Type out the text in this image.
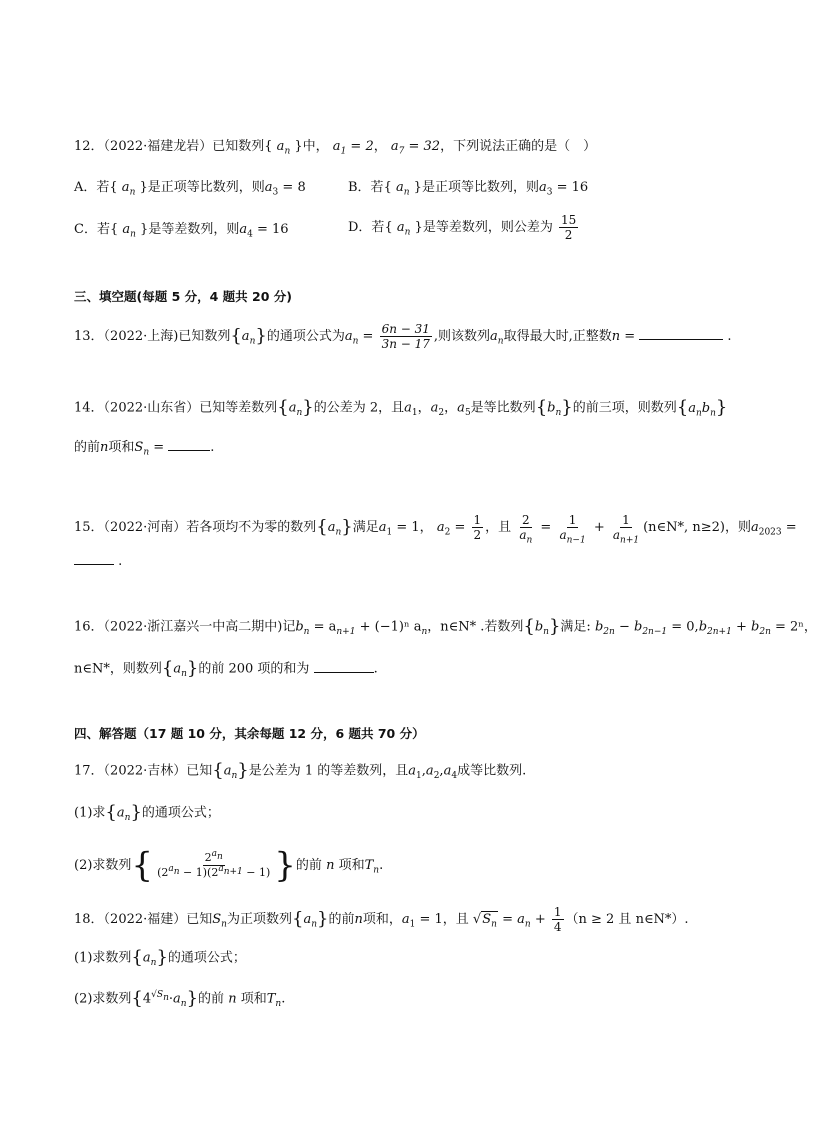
12．（2022·福建龙岩）已知数列{ $a_n$ }中， $a_1 = 2$， $a_7 = 32$，下列说法正确的是（　）
A．若{ $a_n$ }是正项等比数列，则$a_3 = 8$	B．若{ $a_n$ }是正项等比数列，则$a_3 = 16$
C．若{ $a_n$ }是等差数列，则$a_4 = 16$	D．若{ $a_n$ }是等差数列，则公差为 $\frac{15}{2}$
三、填空题(每题 5 分，4 题共 20 分)
13．（2022·上海)已知数列$\{a_n\}$的通项公式为$a_n = \frac{6n - 31}{3n - 17}$ ,则该数列$a_n$取得最大时,正整数n =	.
14．（2022·山东省）已知等差数列$\{a_n\}$的公差为 2，且$a_1$，$a_2$，$a_5$是等比数列$\{b_n\}$的前三项，则数列$\{a_nb_n\}$
的前n项和$S_n$ =	.
15．（2022·河南）若各项均不为零的数列$\{a_n\}$满足$a_1 = 1$， $a_2 = \frac{1}{2}$ ，且 $\frac{2}{a_n} = \frac{1}{a_{n-1}} + \frac{1}{a_{n+1}}$ (n∈N*, n≥2)，则$a_{2023}$ =
.
16．（2022·浙江嘉兴一中高二期中)记$b_n = a_{n+1} + (-1)^n$ $a_n$，n∈N* .若数列$\{b_n\}$满足: $b_{2n} - b_{2n-1} = 0,b_{2n+1} + b_{2n} = 2^n$，
n∈N*，则数列$\{a_n\}$的前 200 项的和为	.
四、解答题（17 题 10 分，其余每题 12 分，6 题共 70 分）
17．（2022·吉林）已知$\{a_n\}$是公差为 1 的等差数列，且$a_1,a_2,a_4$成等比数列.
(1)求$\{a_n\}$的通项公式；
(2)求数列{ $\frac{2^{a_n}}{(2^{a_n} - 1)(2^{a_{n+1}} - 1)}$ }的前 n 项和$T_n$.
18．（2022·福建）已知$S_n$为正项数列$\{a_n\}$的前n项和，$a_1 = 1$，且 $√S_n = a_n + \frac{1}{4} (n \ge 2$ 且 n∈N*）.
(1)求数列$\{a_n\}$的通项公式；
(2)求数列$\{4^{√S_n}\cdot a_n\}$的前 n 项和$T_n$.
